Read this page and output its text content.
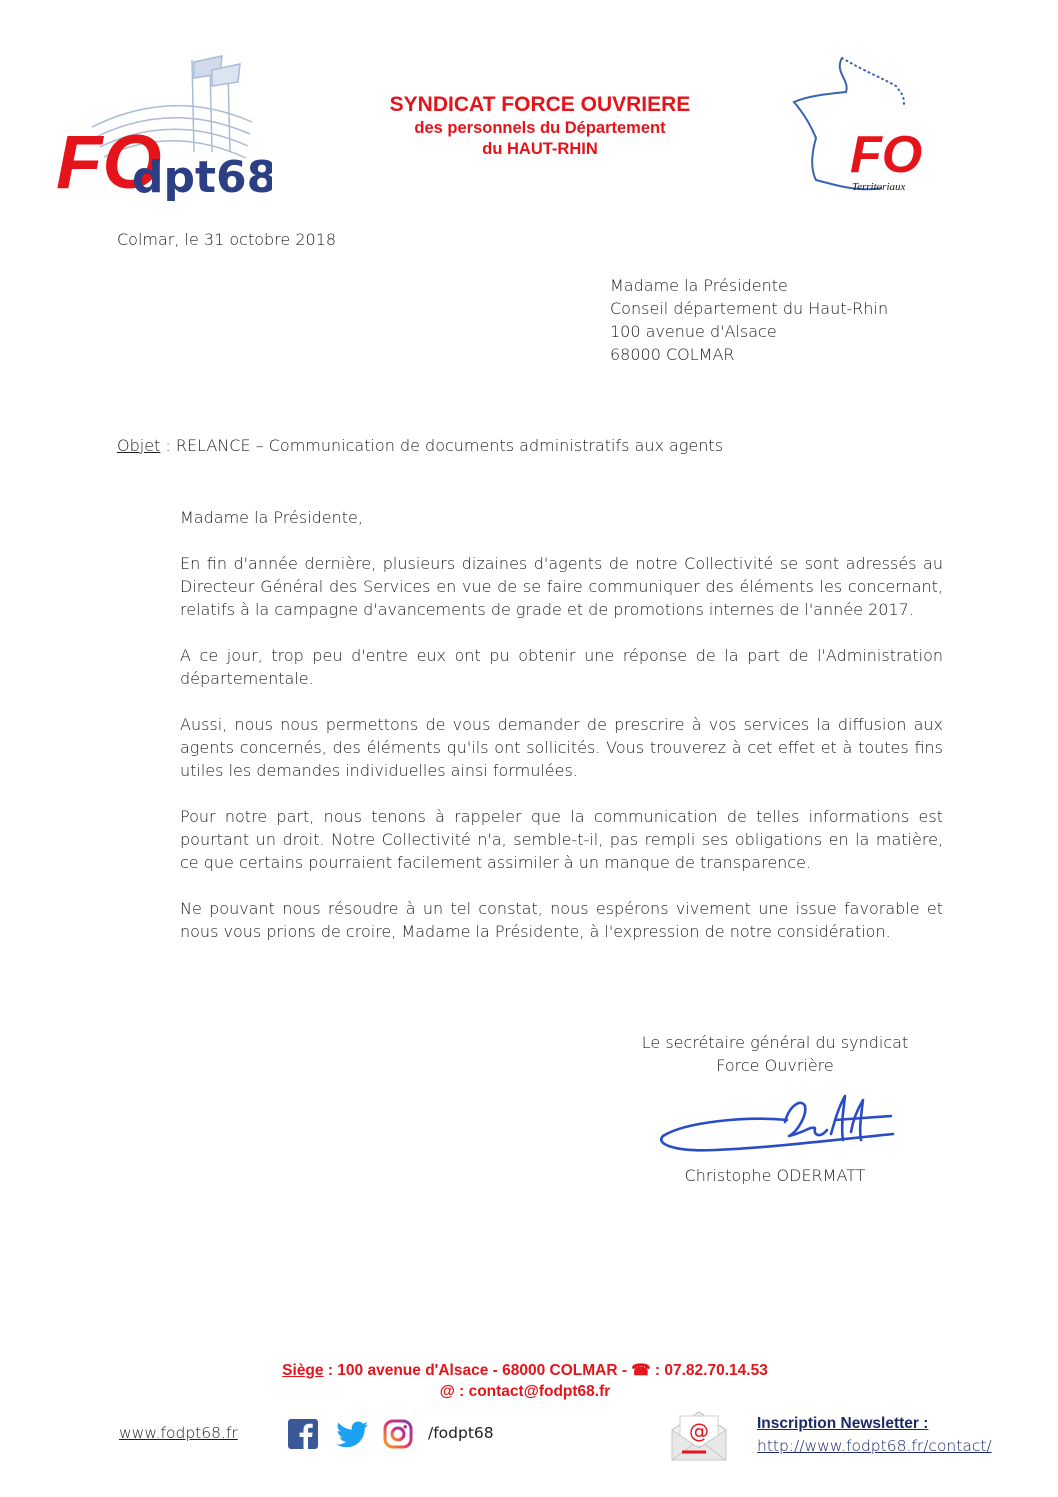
FO
dpt68
SYNDICAT FORCE OUVRIERE
des personnels du Département
du HAUT-RHIN	FO
Territoriaux
Colmar, le 31 octobre 2018
Madame la Présidente
Conseil département du Haut-Rhin
100 avenue d'Alsace
68000 COLMAR
Objet : RELANCE – Communication de documents administratifs aux agents

Madame la Présidente,

En fin d'année dernière, plusieurs dizaines d'agents de notre Collectivité se sont adressés au Directeur Général des Services en vue de se faire communiquer des éléments les concernant, relatifs à la campagne d'avancements de grade et de promotions internes de l'année 2017.

A ce jour, trop peu d'entre eux ont pu obtenir une réponse de la part de l'Administration départementale.

Aussi, nous nous permettons de vous demander de prescrire à vos services la diffusion aux agents concernés, des éléments qu'ils ont sollicités. Vous trouverez à cet effet et à toutes fins utiles les demandes individuelles ainsi formulées.

Pour notre part, nous tenons à rappeler que la communication de telles informations est pourtant un droit. Notre Collectivité n'a, semble-t-il, pas rempli ses obligations en la matière, ce que certains pourraient facilement assimiler à un manque de transparence.

Ne pouvant nous résoudre à un tel constat, nous espérons vivement une issue favorable et nous vous prions de croire, Madame la Présidente, à l'expression de notre considération.

Le secrétaire général du syndicat
Force Ouvrière
Christophe ODERMATT
Siège : 100 avenue d'Alsace - 68000 COLMAR - ☎ : 07.82.70.14.53
@ : contact@fodpt68.fr
www.fodpt68.fr	/fodpt68	@	Inscription Newsletter :
http://www.fodpt68.fr/contact/
